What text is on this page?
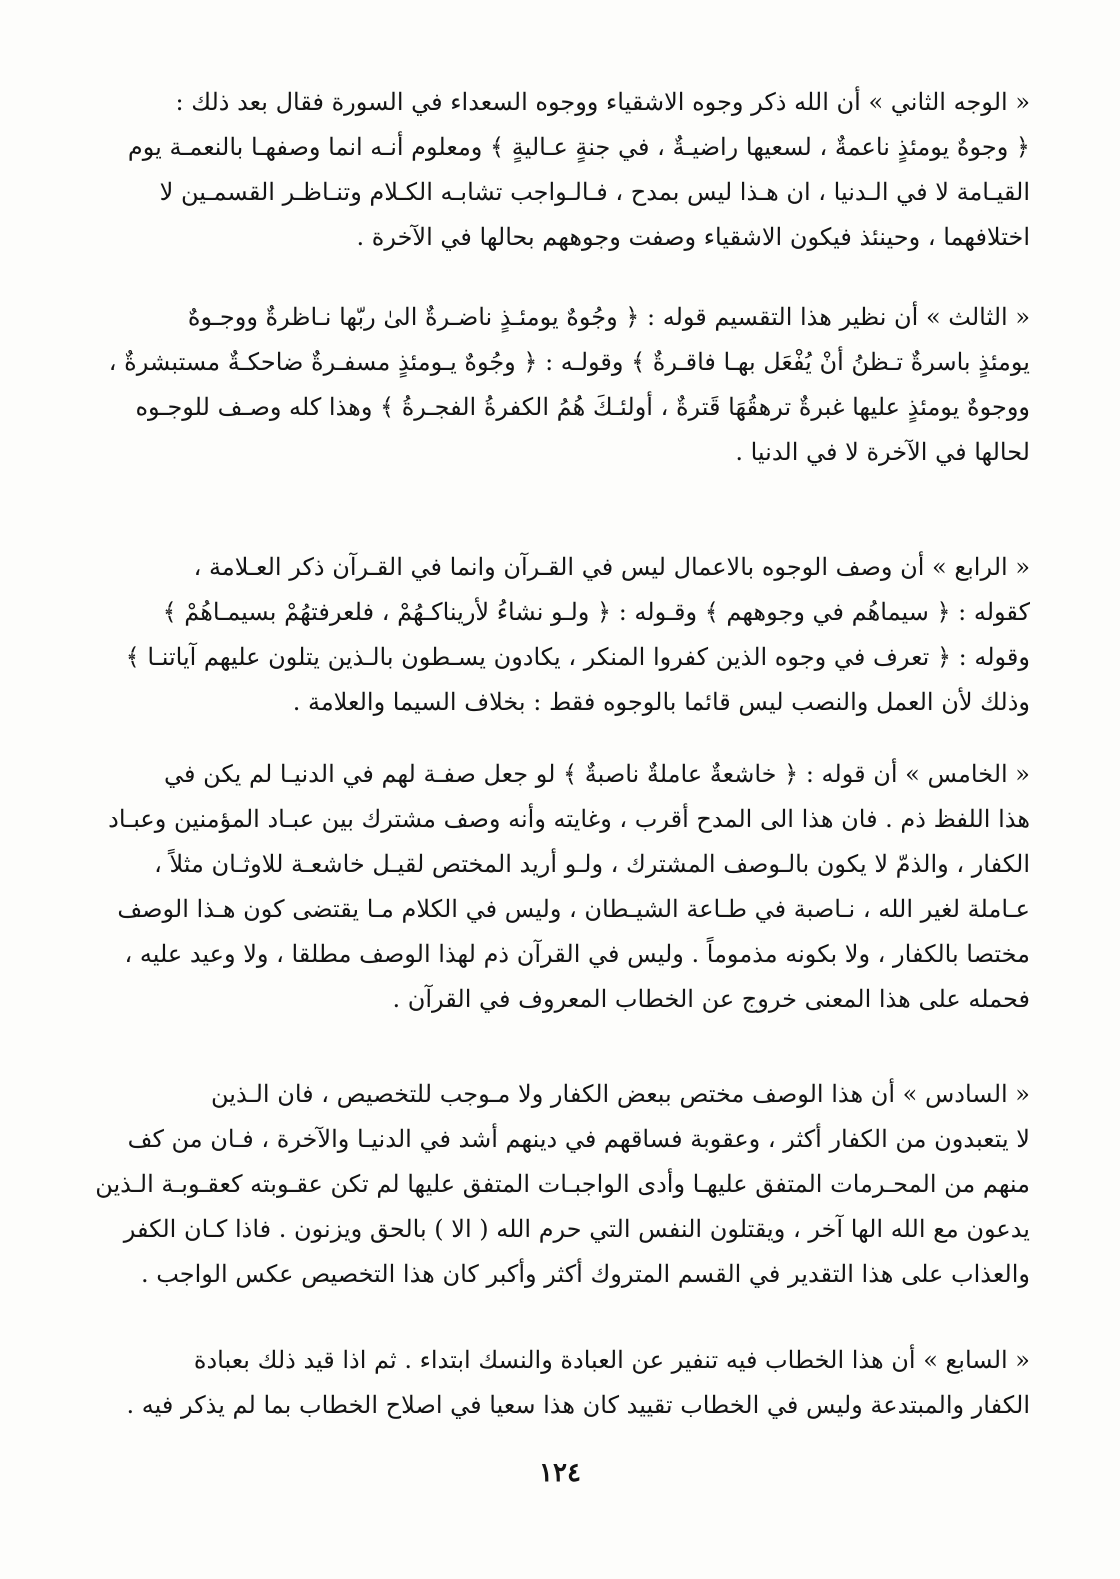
« الوجه الثاني » أن الله ذكر وجوه الاشقياء ووجوه السعداء في السورة فقال بعد ذلك :
﴿ وجوهٌ يومئذٍ ناعمةٌ ، لسعيها راضيـةٌ ، في جنةٍ عـاليةٍ ﴾ ومعلوم أنـه انما وصفهـا بالنعمـة يوم
القيـامة لا في الـدنيا ، ان هـذا ليس بمدح ، فـالـواجب تشابـه الكـلام وتنـاظـر القسمـين لا
اختلافهما ، وحينئذ فيكون الاشقياء وصفت وجوههم بحالها في الآخرة .
« الثالث » أن نظير هذا التقسيم قوله : ﴿ وجُوهٌ يومئـذٍ ناضـرةٌ الىٰ ربّها نـاظرةٌ ووجـوهٌ
يومئذٍ باسرةٌ تـظنُ أنْ يُفْعَل بهـا فاقـرةٌ ﴾ وقولـه : ﴿ وجُوهٌ يـومئذٍ مسفـرةٌ ضاحكـةٌ مستبشرةٌ ،
ووجوهٌ يومئذٍ عليها غبرةٌ ترهقُهَا قَترةٌ ، أولئـكَ هُمُ الكفرةُ الفجـرةُ ﴾ وهذا كله وصـف للوجـوه
لحالها في الآخرة لا في الدنيا .
« الرابع » أن وصف الوجوه بالاعمال ليس في القـرآن وانما في القـرآن ذكر العـلامة ،
كقوله : ﴿ سيماهُم في وجوههم ﴾ وقـوله : ﴿ ولـو نشاءُ لأريناكـهُمْ ، فلعرفتهُمْ بسيمـاهُمْ ﴾
وقوله : ﴿ تعرف في وجوه الذين كفروا المنكر ، يكادون يسـطون بالـذين يتلون عليهم آياتنـا ﴾
وذلك لأن العمل والنصب ليس قائما بالوجوه فقط : بخلاف السيما والعلامة .
« الخامس » أن قوله : ﴿ خاشعةٌ عاملةٌ ناصبةٌ ﴾ لو جعل صفـة لهم في الدنيـا لم يكن في
هذا اللفظ ذم . فان هذا الى المدح أقرب ، وغايته وأنه وصف مشترك بين عبـاد المؤمنين وعبـاد
الكفار ، والذمّ لا يكون بالـوصف المشترك ، ولـو أريد المختص لقيـل خاشعـة للاوثـان مثلاً ،
عـاملة لغير الله ، نـاصبة في طـاعة الشيـطان ، وليس في الكلام مـا يقتضى كون هـذا الوصف
مختصا بالكفار ، ولا بكونه مذموماً . وليس في القرآن ذم لهذا الوصف مطلقا ، ولا وعيد عليه ،
فحمله على هذا المعنى خروج عن الخطاب المعروف في القرآن .
« السادس » أن هذا الوصف مختص ببعض الكفار ولا مـوجب للتخصيص ، فان الـذين
لا يتعبدون من الكفار أكثر ، وعقوبة فساقهم في دينهم أشد في الدنيـا والآخرة ، فـان من كف
منهم من المحـرمات المتفق عليهـا وأدى الواجبـات المتفق عليها لم تكن عقـوبته كعقـوبـة الـذين
يدعون مع الله الها آخر ، ويقتلون النفس التي حرم الله ( الا ) بالحق ويزنون . فاذا كـان الكفر
والعذاب على هذا التقدير في القسم المتروك أكثر وأكبر كان هذا التخصيص عكس الواجب .
« السابع » أن هذا الخطاب فيه تنفير عن العبادة والنسك ابتداء . ثم اذا قيد ذلك بعبادة
الكفار والمبتدعة وليس في الخطاب تقييد كان هذا سعيا في اصلاح الخطاب بما لم يذكر فيه .
١٢٤
